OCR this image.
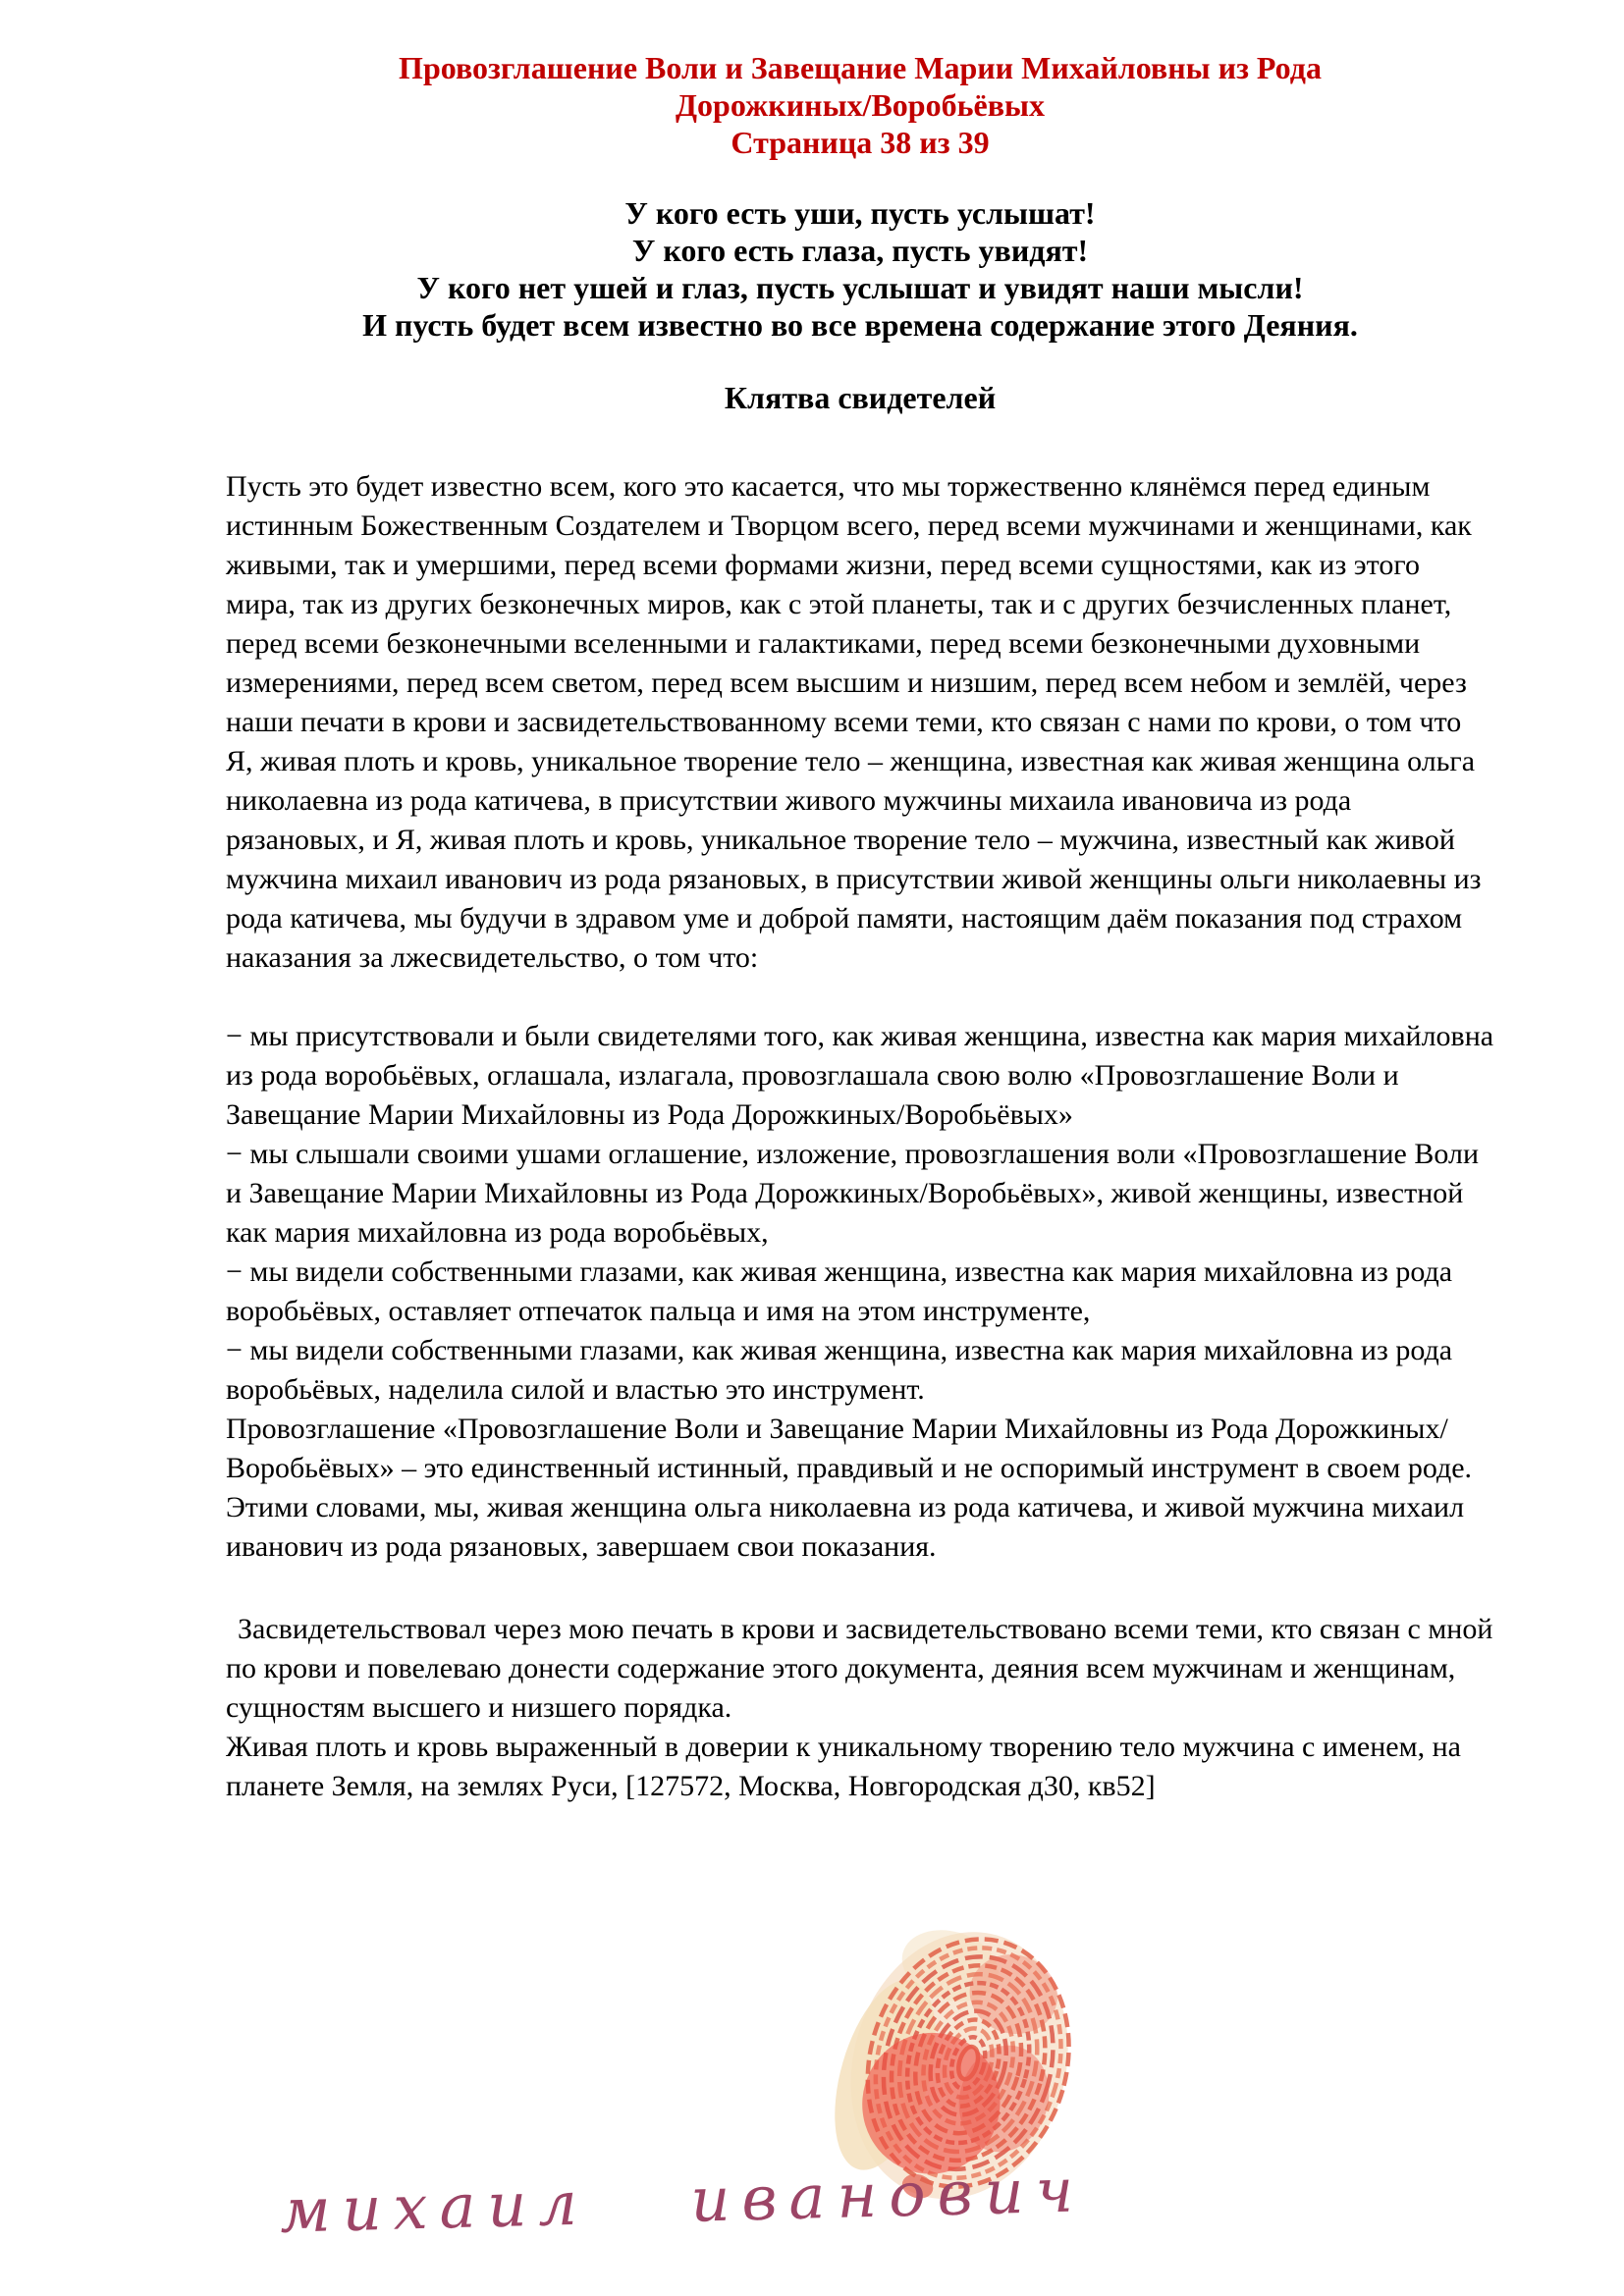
Провозглашение Воли и Завещание Марии Михайловны из Рода
Дорожкиных/Воробьёвых
Страница 38 из 39
У кого есть уши, пусть услышат!
У кого есть глаза, пусть увидят!
У кого нет ушей и глаз, пусть услышат и увидят наши мысли!
И пусть будет всем известно во все времена содержание этого Деяния.
Клятва свидетелей
Пусть это будет известно всем, кого это касается, что мы торжественно клянёмся перед единым истинным Божественным Создателем и Творцом всего, перед всеми мужчинами и женщинами, как живыми, так и умершими, перед всеми формами жизни, перед всеми сущностями, как из этого мира, так из других безконечных миров, как с этой планеты, так и с других безчисленных планет, перед всеми безконечными вселенными и галактиками, перед всеми безконечными духовными измерениями, перед всем светом, перед всем высшим и низшим, перед всем небом и землёй, через наши печати в крови и засвидетельствованному всеми теми, кто связан с нами по крови, о том что Я, живая плоть и кровь, уникальное творение тело – женщина, известная как живая женщина ольга николаевна из рода катичева, в присутствии живого мужчины михаила ивановича из рода рязановых, и Я, живая плоть и кровь, уникальное творение тело – мужчина, известный как живой мужчина михаил иванович из рода рязановых, в присутствии живой женщины ольги николаевны из рода катичева, мы будучи в здравом уме и доброй памяти, настоящим даём показания под страхом наказания за лжесвидетельство, о том что:
− мы присутствовали и были свидетелями того, как живая женщина, известна как мария михайловна из рода воробьёвых, оглашала, излагала, провозглашала свою волю «Провозглашение Воли и Завещание Марии Михайловны из Рода Дорожкиных/Воробьёвых»
− мы слышали своими ушами оглашение, изложение, провозглашения воли «Провозглашение Воли и Завещание Марии Михайловны из Рода Дорожкиных/Воробьёвых», живой женщины, известной как мария михайловна из рода воробьёвых,
− мы видели собственными глазами, как живая женщина, известна как мария михайловна из рода воробьёвых, оставляет отпечаток пальца и имя на этом инструменте,
− мы видели собственными глазами, как живая женщина, известна как мария михайловна из рода воробьёвых, наделила силой и властью это инструмент.
Провозглашение «Провозглашение Воли и Завещание Марии Михайловны из Рода Дорожкиных/Воробьёвых» – это единственный истинный, правдивый и не оспоримый инструмент в своем роде.
Этими словами, мы, живая женщина ольга николаевна из рода катичева, и живой мужчина михаил иванович из рода рязановых, завершаем свои показания.
Засвидетельствовал через мою печать в крови и засвидетельствовано всеми теми, кто связан с мной по крови и повелеваю донести содержание этого документа, деяния всем мужчинам и женщинам, сущностям высшего и низшего порядка.
Живая плоть и кровь выраженный в доверии к уникальному творению тело мужчина с именем, на планете Земля, на землях Руси, [127572, Москва, Новгородская д30, кв52]
михаил иванович
